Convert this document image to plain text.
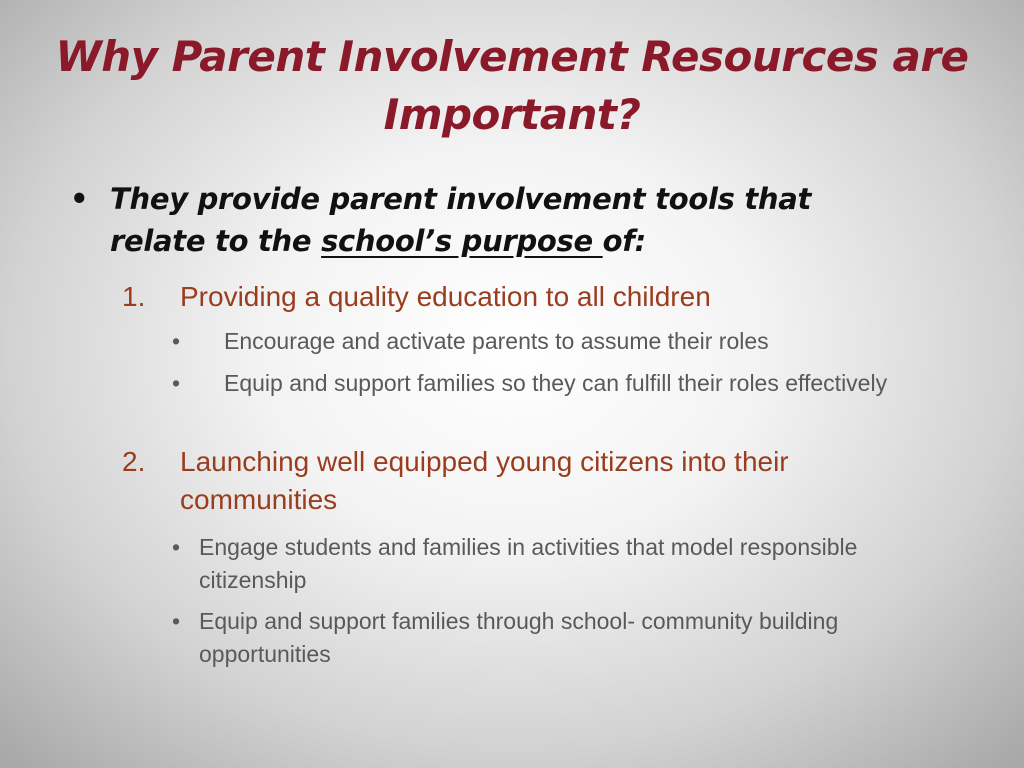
Why Parent Involvement Resources are Important?
• They provide parent involvement tools that relate to the school’s purpose of:
1.	Providing a quality education to all children
•	Encourage and activate parents to assume their roles
•	Equip and support families so they can fulfill their roles effectively
2.	Launching well equipped young citizens into their communities
• Engage students and families in activities that model responsible citizenship
• Equip and support families through school- community building opportunities
